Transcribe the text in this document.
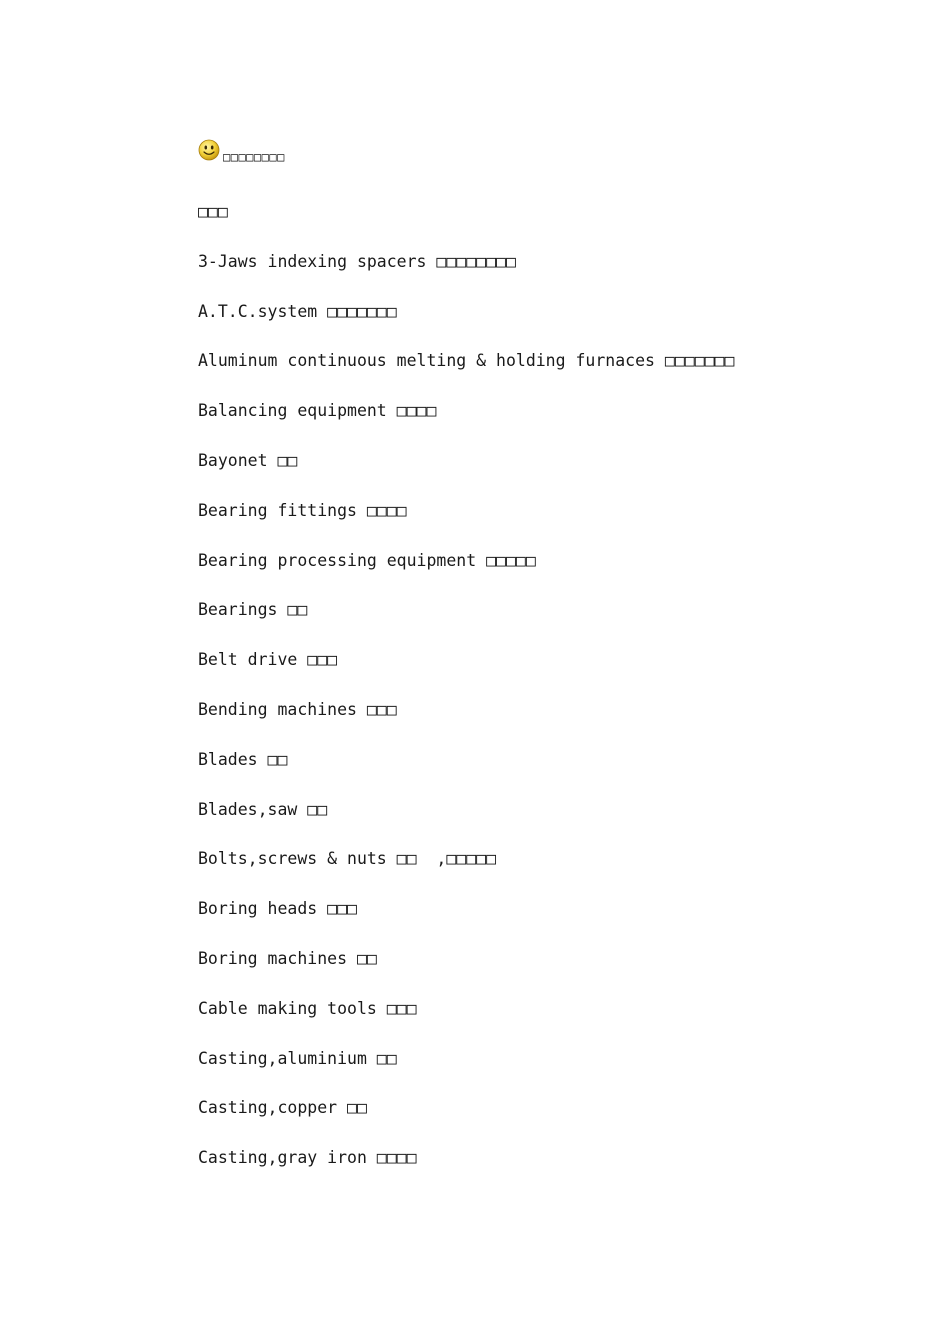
□□□□□□□□
□□□
3-Jaws indexing spacers □□□□□□□□
A.T.C.system □□□□□□□
Aluminum continuous melting & holding furnaces □□□□□□□
Balancing equipment □□□□
Bayonet □□
Bearing fittings □□□□
Bearing processing equipment □□□□□
Bearings □□
Belt drive □□□
Bending machines □□□
Blades □□
Blades,saw □□
Bolts,screws & nuts □□  ,□□□□□
Boring heads □□□
Boring machines □□
Cable making tools □□□
Casting,aluminium □□
Casting,copper □□
Casting,gray iron □□□□
